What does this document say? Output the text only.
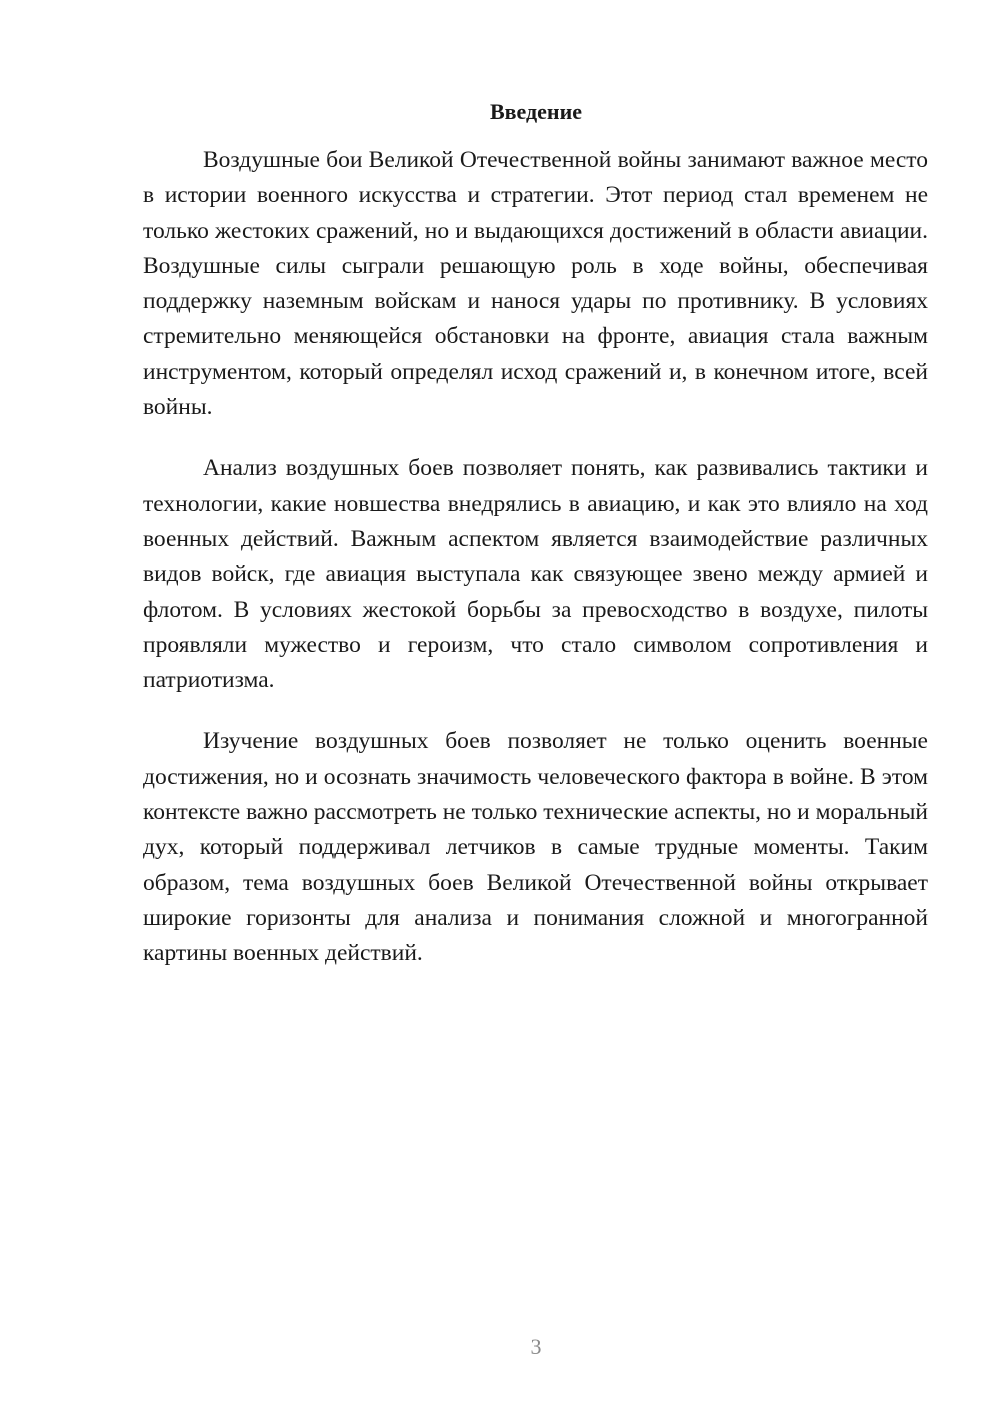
Введение

Воздушные бои Великой Отечественной войны занимают важное место в истории военного искусства и стратегии. Этот период стал временем не только жестоких сражений, но и выдающихся достижений в области авиации. Воздушные силы сыграли решающую роль в ходе войны, обеспечивая поддержку наземным войскам и нанося удары по противнику. В условиях стремительно меняющейся обстановки на фронте, авиация стала важным инструментом, который определял исход сражений и, в конечном итоге, всей войны.

Анализ воздушных боев позволяет понять, как развивались тактики и технологии, какие новшества внедрялись в авиацию, и как это влияло на ход военных действий. Важным аспектом является взаимодействие различных видов войск, где авиация выступала как связующее звено между армией и флотом. В условиях жестокой борьбы за превосходство в воздухе, пилоты проявляли мужество и героизм, что стало символом сопротивления и патриотизма.

Изучение воздушных боев позволяет не только оценить военные достижения, но и осознать значимость человеческого фактора в войне. В этом контексте важно рассмотреть не только технические аспекты, но и моральный дух, который поддерживал летчиков в самые трудные моменты. Таким образом, тема воздушных боев Великой Отечественной войны открывает широкие горизонты для анализа и понимания сложной и многогранной картины военных действий.

3
